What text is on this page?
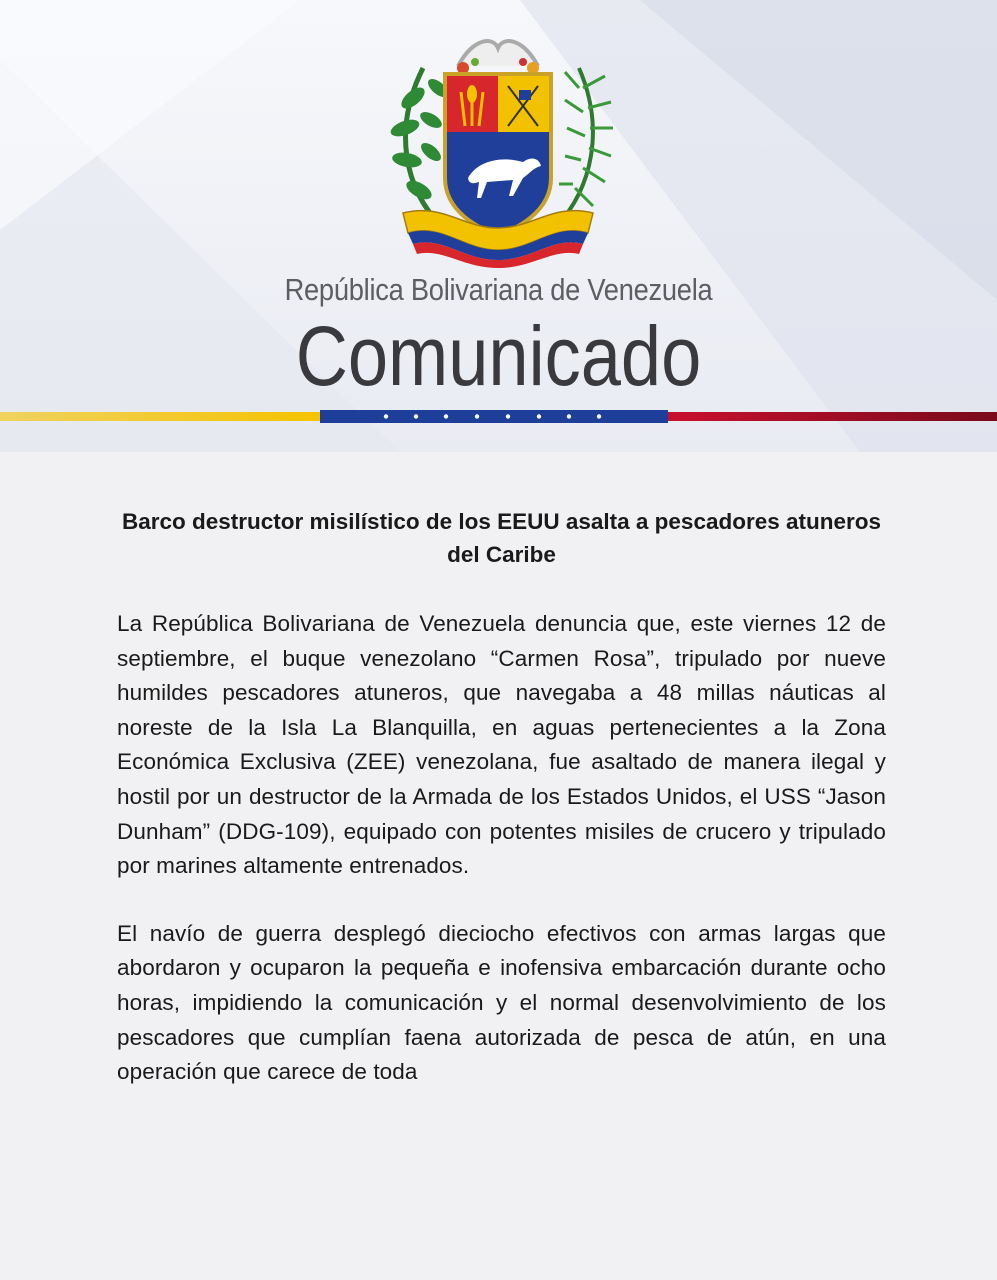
República Bolivariana de Venezuela
Comunicado
Barco destructor misilístico de los EEUU asalta a pescadores atuneros del Caribe

La República Bolivariana de Venezuela denuncia que, este viernes 12 de septiembre, el buque venezolano “Carmen Rosa”, tripulado por nueve humildes pescadores atuneros, que navegaba a 48 millas náuticas al noreste de la Isla La Blanquilla, en aguas pertenecientes a la Zona Económica Exclusiva (ZEE) venezolana, fue asaltado de manera ilegal y hostil por un destructor de la Armada de los Estados Unidos, el USS “Jason Dunham” (DDG-109), equipado con potentes misiles de crucero y tripulado por marines altamente entrenados.

El navío de guerra desplegó dieciocho efectivos con armas largas que abordaron y ocuparon la pequeña e inofensiva embarcación durante ocho horas, impidiendo la comunicación y el normal desenvolvimiento de los pescadores que cumplían faena autorizada de pesca de atún, en una operación que carece de toda
